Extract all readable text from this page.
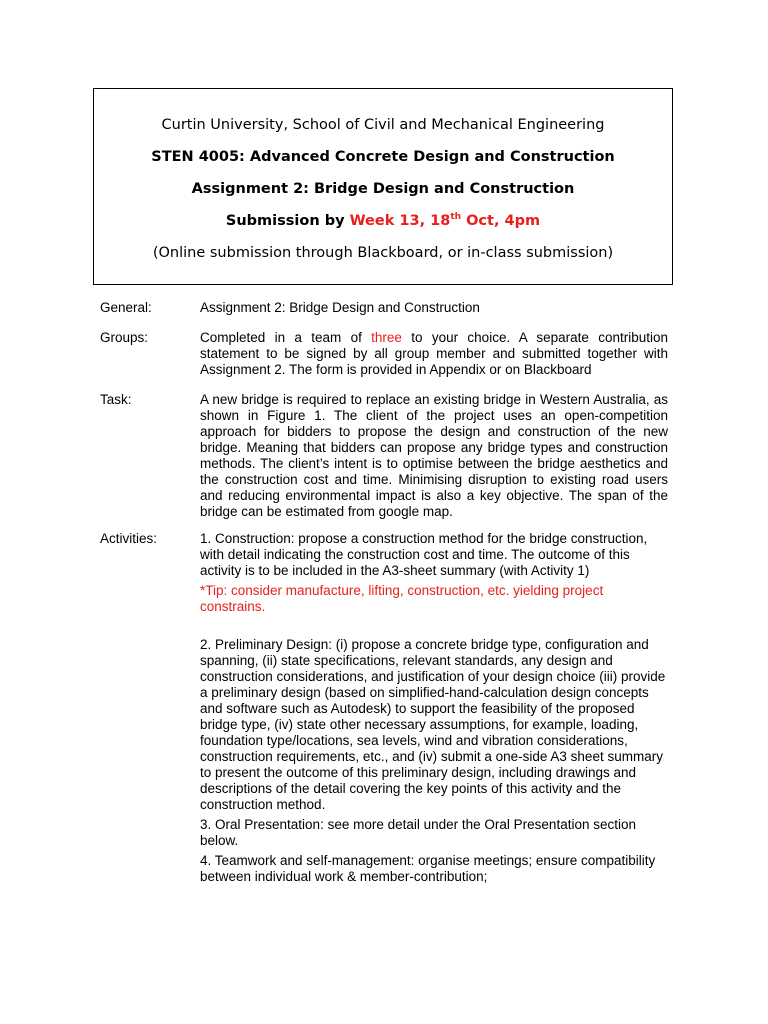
Curtin University, School of Civil and Mechanical Engineering
STEN 4005: Advanced Concrete Design and Construction
Assignment 2: Bridge Design and Construction
Submission by Week 13, 18th Oct, 4pm
(Online submission through Blackboard, or in-class submission)
General:	Assignment 2: Bridge Design and Construction
Groups:	Completed in a team of three to your choice. A separate contribution statement to be signed by all group member and submitted together with Assignment 2. The form is provided in Appendix or on Blackboard
Task:	A new bridge is required to replace an existing bridge in Western Australia, as shown in Figure 1. The client of the project uses an open-competition approach for bidders to propose the design and construction of the new bridge. Meaning that bidders can propose any bridge types and construction methods. The client’s intent is to optimise between the bridge aesthetics and the construction cost and time. Minimising disruption to existing road users and reducing environmental impact is also a key objective. The span of the bridge can be estimated from google map.
Activities:	1. Construction: propose a construction method for the bridge construction, with detail indicating the construction cost and time. The outcome of this activity is to be included in the A3-sheet summary (with Activity 1)

*Tip: consider manufacture, lifting, construction, etc. yielding project constrains.

2. Preliminary Design: (i) propose a concrete bridge type, configuration and spanning, (ii) state specifications, relevant standards, any design and construction considerations, and justification of your design choice (iii) provide a preliminary design (based on simplified-hand-calculation design concepts and software such as Autodesk) to support the feasibility of the proposed bridge type, (iv) state other necessary assumptions, for example, loading, foundation type/locations, sea levels, wind and vibration considerations, construction requirements, etc., and (iv) submit a one-side A3 sheet summary to present the outcome of this preliminary design, including drawings and descriptions of the detail covering the key points of this activity and the construction method.

3. Oral Presentation: see more detail under the Oral Presentation section below.

4. Teamwork and self-management: organise meetings; ensure compatibility between individual work & member-contribution;
